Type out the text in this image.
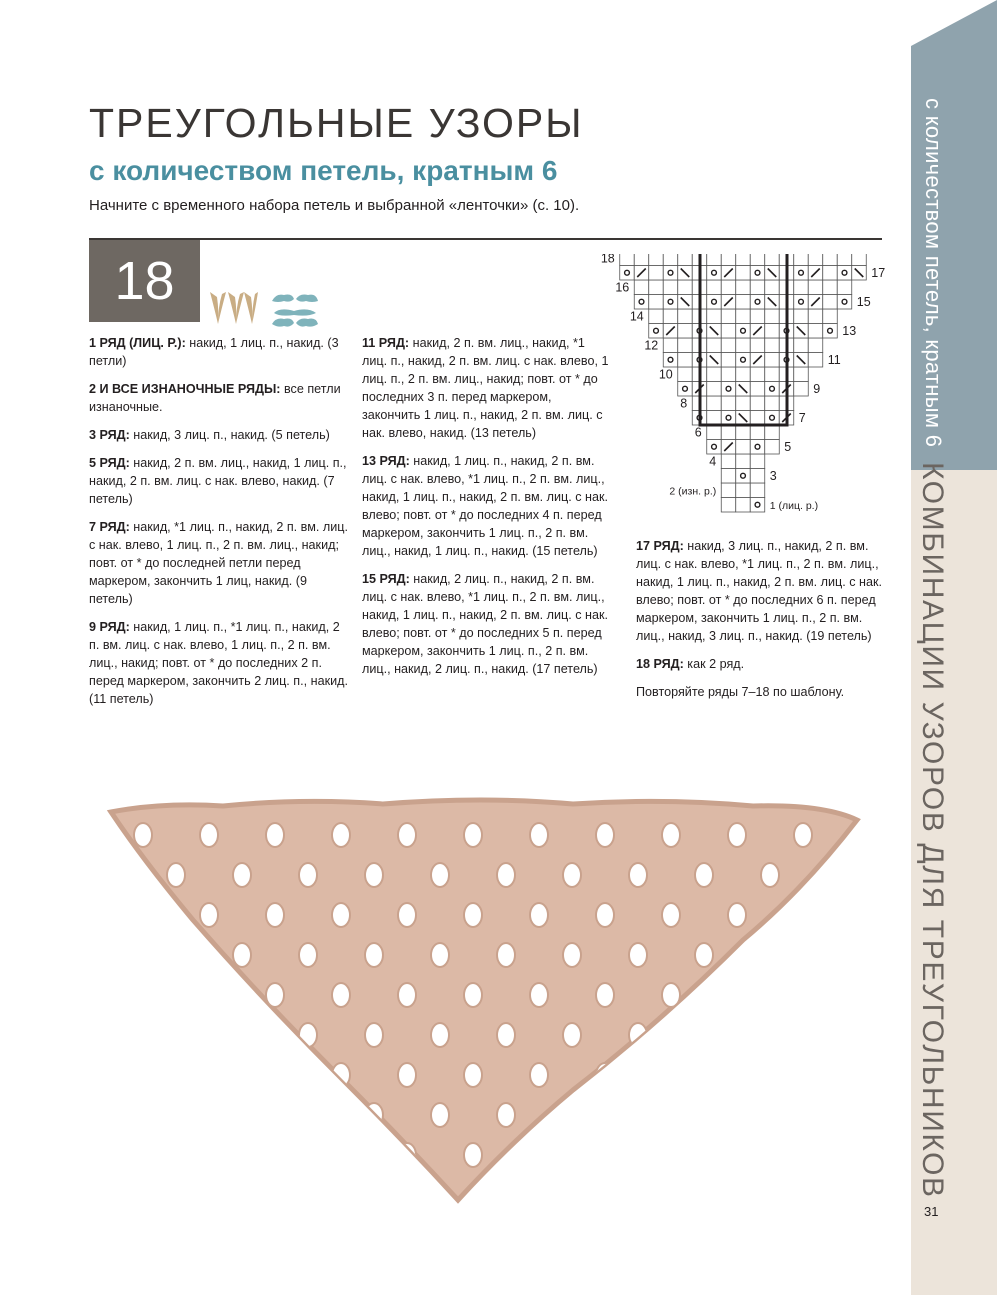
с количеством петель, кратным 6
КОМБИНАЦИИ УЗОРОВ ДЛЯ ТРЕУГОЛЬНИКОВ
31
ТРЕУГОЛЬНЫЕ УЗОРЫ
с количеством петель, кратным 6

Начните с временного набора петель и выбранной «ленточки» (с. 10).

18

1 РЯД (ЛИЦ. Р.): накид, 1 лиц. п., накид. (3 петли)

2 И ВСЕ ИЗНАНОЧНЫЕ РЯДЫ: все петли изнаночные.

3 РЯД: накид, 3 лиц. п., накид. (5 петель)

5 РЯД: накид, 2 п. вм. лиц., накид, 1 лиц. п., накид, 2 п. вм. лиц. с нак. влево, накид. (7 петель)

7 РЯД: накид, *1 лиц. п., накид, 2 п. вм. лиц. с нак. влево, 1 лиц. п., 2 п. вм. лиц., накид; повт. от * до последней петли перед маркером, закончить 1 лиц, накид. (9 петель)

9 РЯД: накид, 1 лиц. п., *1 лиц. п., накид, 2 п. вм. лиц. с нак. влево, 1 лиц. п., 2 п. вм. лиц., накид; повт. от * до последних 2 п. перед маркером, закончить 2 лиц. п., накид. (11 петель)

11 РЯД: накид, 2 п. вм. лиц., накид, *1 лиц. п., накид, 2 п. вм. лиц. с нак. влево, 1 лиц. п., 2 п. вм. лиц., накид; повт. от * до последних 3 п. перед маркером, закончить 1 лиц. п., накид, 2 п. вм. лиц. с нак. влево, накид. (13 петель)

13 РЯД: накид, 1 лиц. п., накид, 2 п. вм. лиц. с нак. влево, *1 лиц. п., 2 п. вм. лиц., накид, 1 лиц. п., накид, 2 п. вм. лиц. с нак. влево; повт. от * до последних 4 п. перед маркером, закончить 1 лиц. п., 2 п. вм. лиц., накид, 1 лиц. п., накид. (15 петель)

15 РЯД: накид, 2 лиц. п., накид, 2 п. вм. лиц. с нак. влево, *1 лиц. п., 2 п. вм. лиц., накид, 1 лиц. п., накид, 2 п. вм. лиц. с нак. влево; повт. от * до последних 5 п. перед маркером, закончить 1 лиц. п., 2 п. вм. лиц., накид, 2 лиц. п., накид. (17 петель)

17 РЯД: накид, 3 лиц. п., накид, 2 п. вм. лиц. с нак. влево, *1 лиц. п., 2 п. вм. лиц., накид, 1 лиц. п., накид, 2 п. вм. лиц. с нак. влево; повт. от * до последних 6 п. перед маркером, закончить 1 лиц. п., 2 п. вм. лиц., накид, 3 лиц. п., накид. (19 петель)

18 РЯД: как 2 ряд.

Повторяйте ряды 7–18 по шаблону.

1 (лиц. р.)
2 (изн. р.)
3
4
5
6
7
8
9
10
11
12
13
14
15
16
17
18
